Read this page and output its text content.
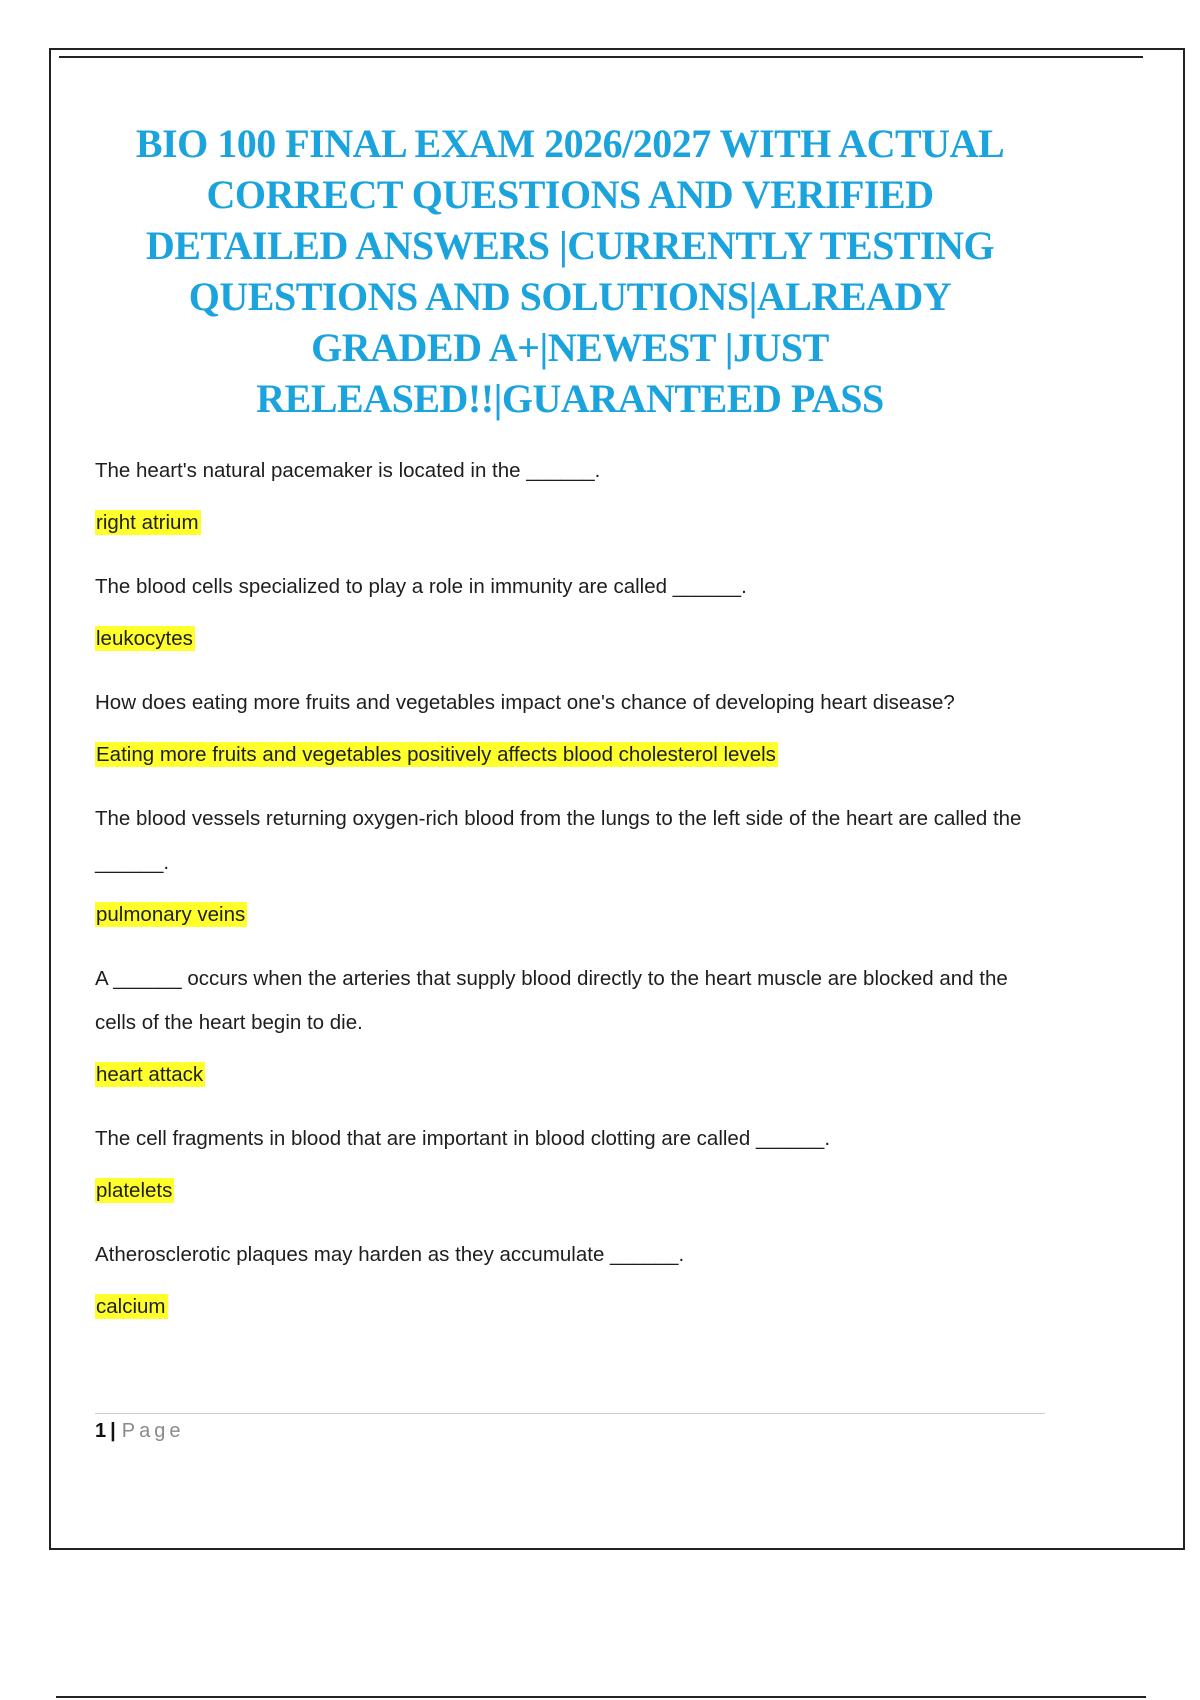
BIO 100 FINAL EXAM 2026/2027 WITH ACTUAL
CORRECT QUESTIONS AND VERIFIED
DETAILED ANSWERS |CURRENTLY TESTING
QUESTIONS AND SOLUTIONS|ALREADY
GRADED A+|NEWEST |JUST
RELEASED!!|GUARANTEED PASS

The heart's natural pacemaker is located in the ______.

right atrium

The blood cells specialized to play a role in immunity are called ______.

leukocytes

How does eating more fruits and vegetables impact one's chance of developing heart disease?

Eating more fruits and vegetables positively affects blood cholesterol levels

The blood vessels returning oxygen-rich blood from the lungs to the left side of the heart are called the ______.

pulmonary veins

A ______ occurs when the arteries that supply blood directly to the heart muscle are blocked and the cells of the heart begin to die.

heart attack

The cell fragments in blood that are important in blood clotting are called ______.

platelets

Atherosclerotic plaques may harden as they accumulate ______.

calcium

1 | Page
